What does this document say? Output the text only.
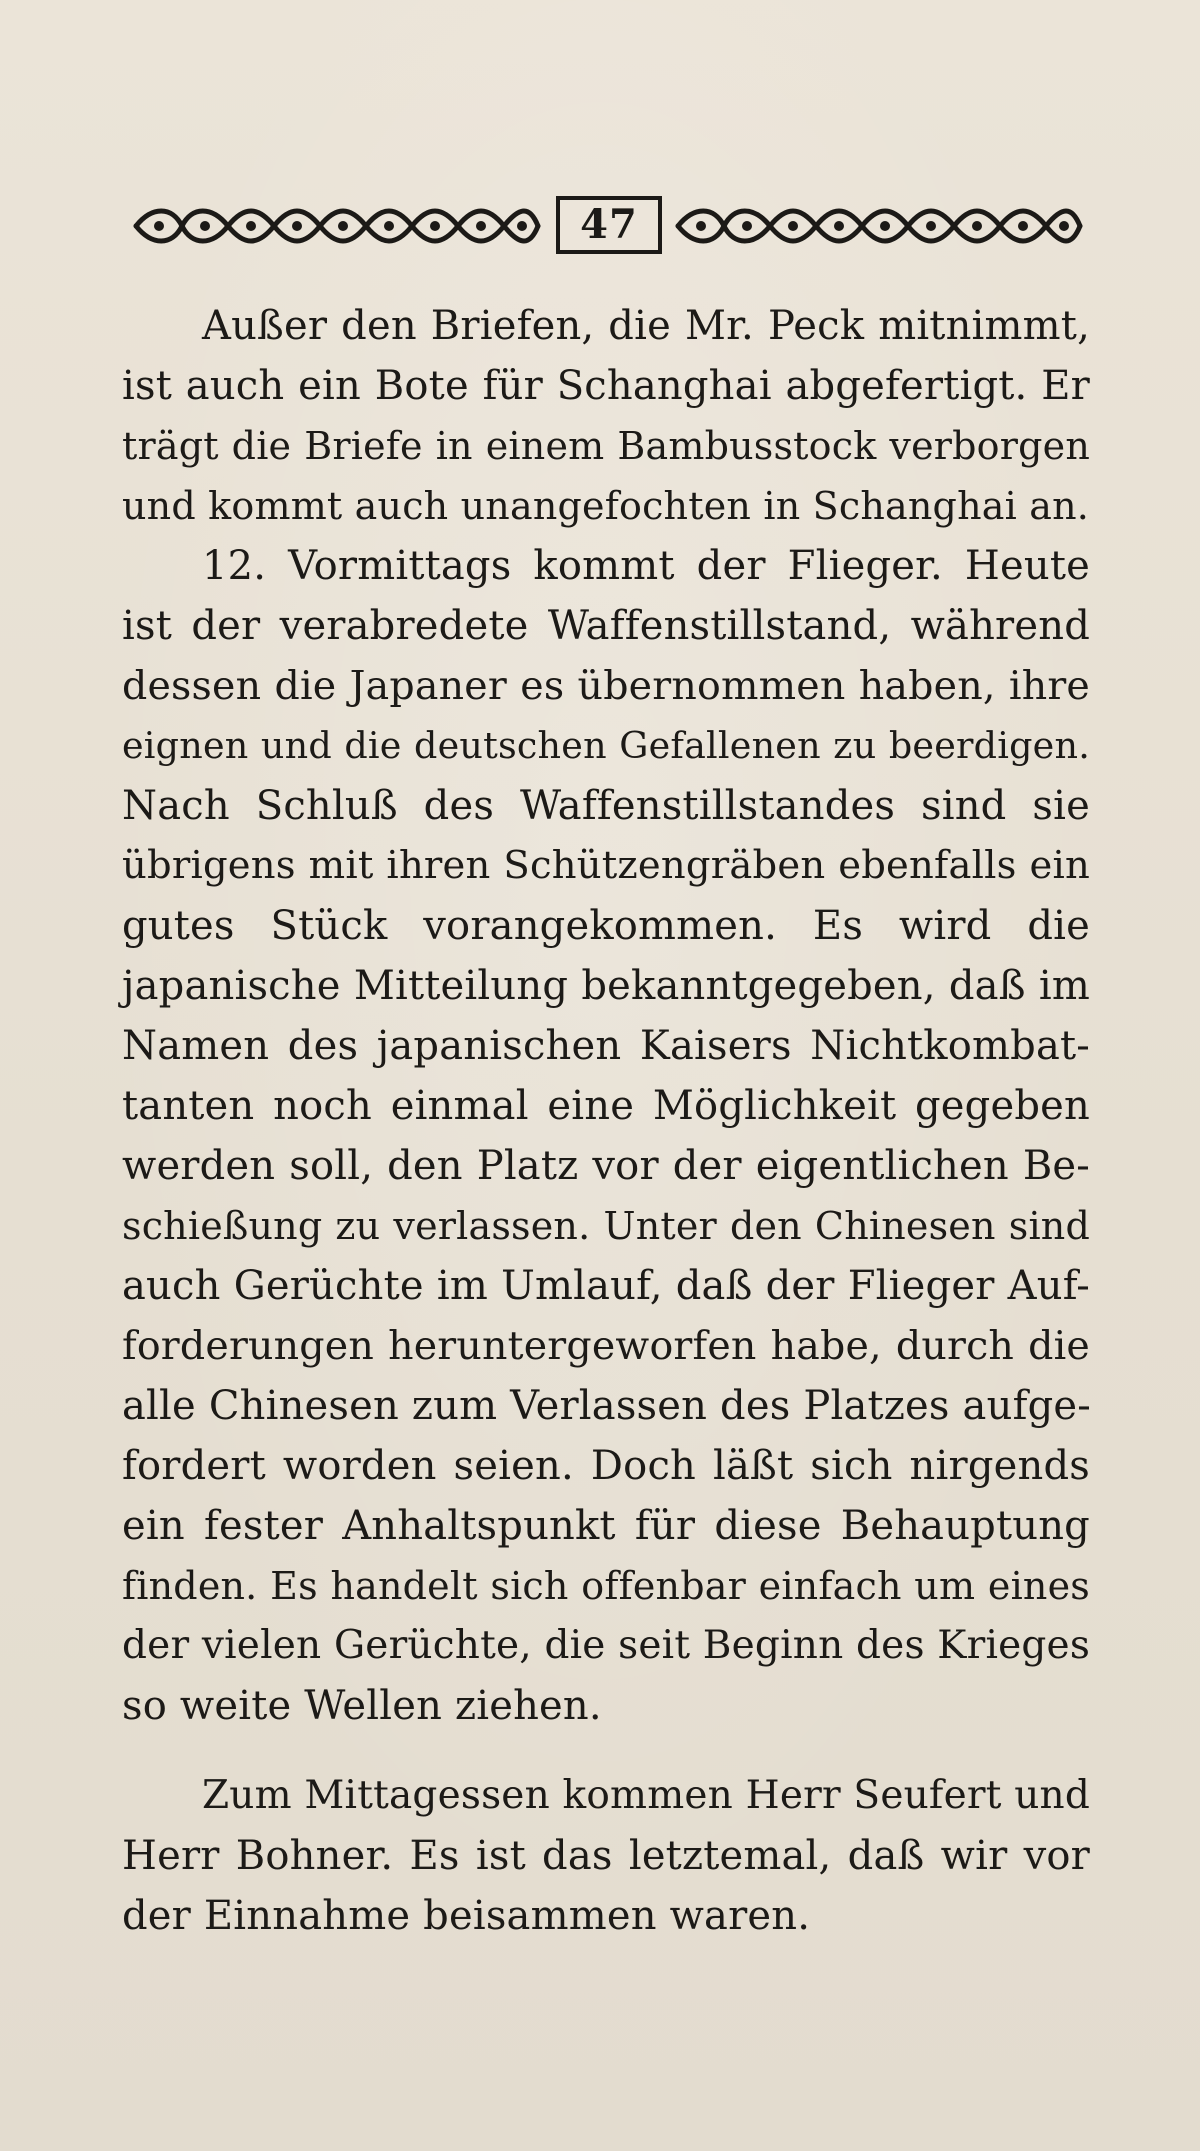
47
Außer den Briefen, die Mr. Peck mitnimmt,
ist auch ein Bote für Schanghai abgefertigt. Er
trägt die Briefe in einem Bambusstock verborgen
und kommt auch unangefochten in Schanghai an.
12. Vormittags kommt der Flieger. Heute
ist der verabredete Waffenstillstand, während
dessen die Japaner es übernommen haben, ihre
eignen und die deutschen Gefallenen zu beerdigen.
Nach Schluß des Waffenstillstandes sind sie
übrigens mit ihren Schützengräben ebenfalls ein
gutes Stück vorangekommen. Es wird die
japanische Mitteilung bekanntgegeben, daß im
Namen des japanischen Kaisers Nichtkombat-
tanten noch einmal eine Möglichkeit gegeben
werden soll, den Platz vor der eigentlichen Be-
schießung zu verlassen. Unter den Chinesen sind
auch Gerüchte im Umlauf, daß der Flieger Auf-
forderungen heruntergeworfen habe, durch die
alle Chinesen zum Verlassen des Platzes aufge-
fordert worden seien. Doch läßt sich nirgends
ein fester Anhaltspunkt für diese Behauptung
finden. Es handelt sich offenbar einfach um eines
der vielen Gerüchte, die seit Beginn des Krieges
so weite Wellen ziehen.
Zum Mittagessen kommen Herr Seufert und
Herr Bohner. Es ist das letztemal, daß wir vor
der Einnahme beisammen waren.
